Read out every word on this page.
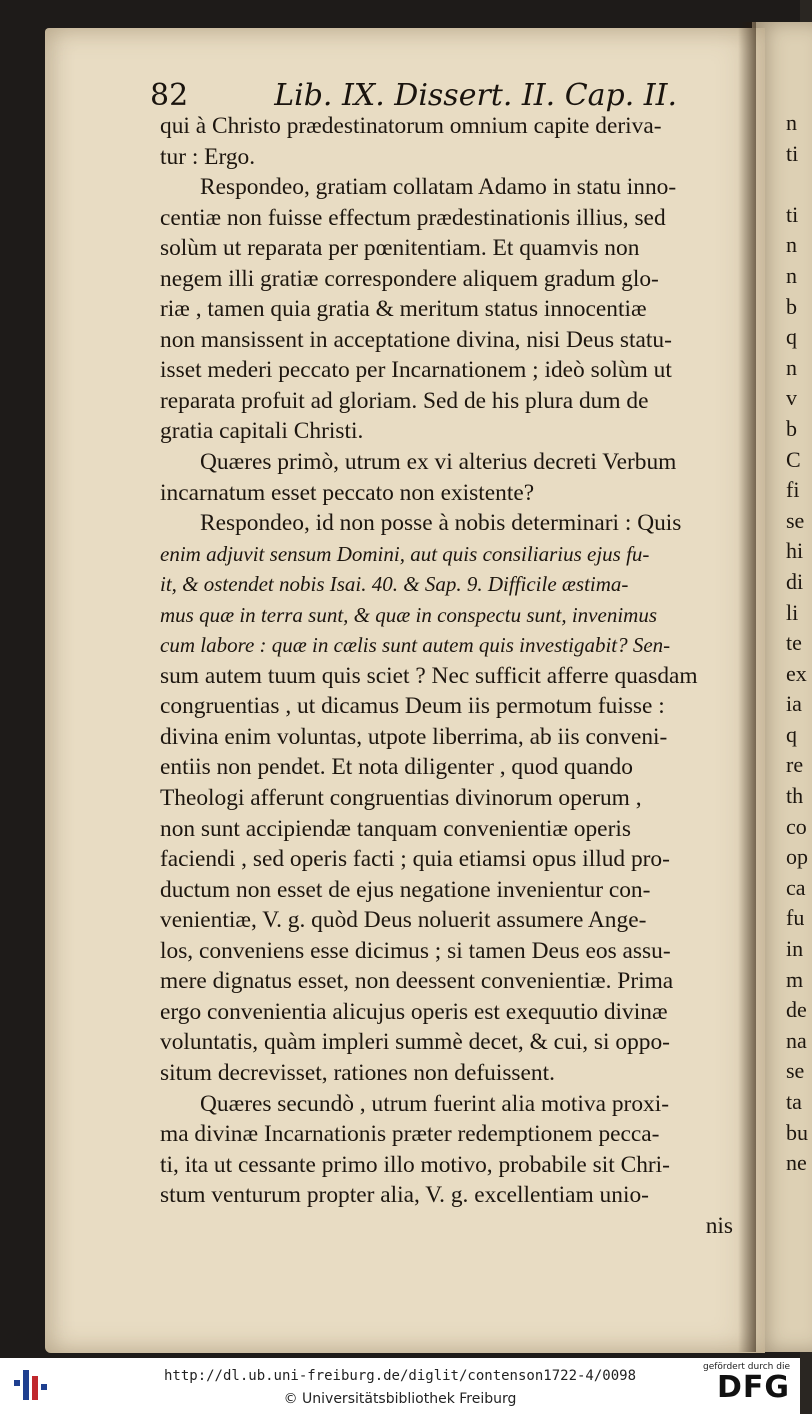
n
ti
ti
n
n
b
q
n
v
b
C
fi
se
hi
di
li
te
ex
ia
q
re
th
co
op
ca
fu
in
m
de
na
se
ta
bu
ne
82	Lib. IX. Dissert. II. Cap. II.
qui à Christo prædestinatorum omnium capite deriva-
tur : Ergo.
Respondeo, gratiam collatam Adamo in statu inno-
centiæ non fuisse effectum prædestinationis illius, sed
solùm ut reparata per pœnitentiam. Et quamvis non
negem illi gratiæ correspondere aliquem gradum glo-
riæ , tamen quia gratia & meritum status innocentiæ
non mansissent in acceptatione divina, nisi Deus statu-
isset mederi peccato per Incarnationem ; ideò solùm ut
reparata profuit ad gloriam. Sed de his plura dum de
gratia capitali Christi.
Quæres primò, utrum ex vi alterius decreti Verbum
incarnatum esset peccato non existente?
Respondeo, id non posse à nobis determinari : Quis
enim adjuvit sensum Domini, aut quis consiliarius ejus fu-
it, & ostendet nobis Isai. 40. & Sap. 9. Difficile æstima-
mus quæ in terra sunt, & quæ in conspectu sunt, invenimus
cum labore : quæ in cælis sunt autem quis investigabit? Sen-
sum autem tuum quis sciet ? Nec sufficit afferre quasdam
congruentias , ut dicamus Deum iis permotum fuisse :
divina enim voluntas, utpote liberrima, ab iis conveni-
entiis non pendet. Et nota diligenter , quod quando
Theologi afferunt congruentias divinorum operum ,
non sunt accipiendæ tanquam convenientiæ operis
faciendi , sed operis facti ; quia etiamsi opus illud pro-
ductum non esset de ejus negatione invenientur con-
venientiæ, V. g. quòd Deus noluerit assumere Ange-
los, conveniens esse dicimus ; si tamen Deus eos assu-
mere dignatus esset, non deessent convenientiæ. Prima
ergo convenientia alicujus operis est exequutio divinæ
voluntatis, quàm impleri summè decet, & cui, si oppo-
situm decrevisset, rationes non defuissent.
Quæres secundò , utrum fuerint alia motiva proxi-
ma divinæ Incarnationis præter redemptionem pecca-
ti, ita ut cessante primo illo motivo, probabile sit Chri-
stum venturum propter alia, V. g. excellentiam unio-
nis
http://dl.ub.uni-freiburg.de/diglit/contenson1722-4/0098
© Universitätsbibliothek Freiburg
gefördert durch die
DFG
